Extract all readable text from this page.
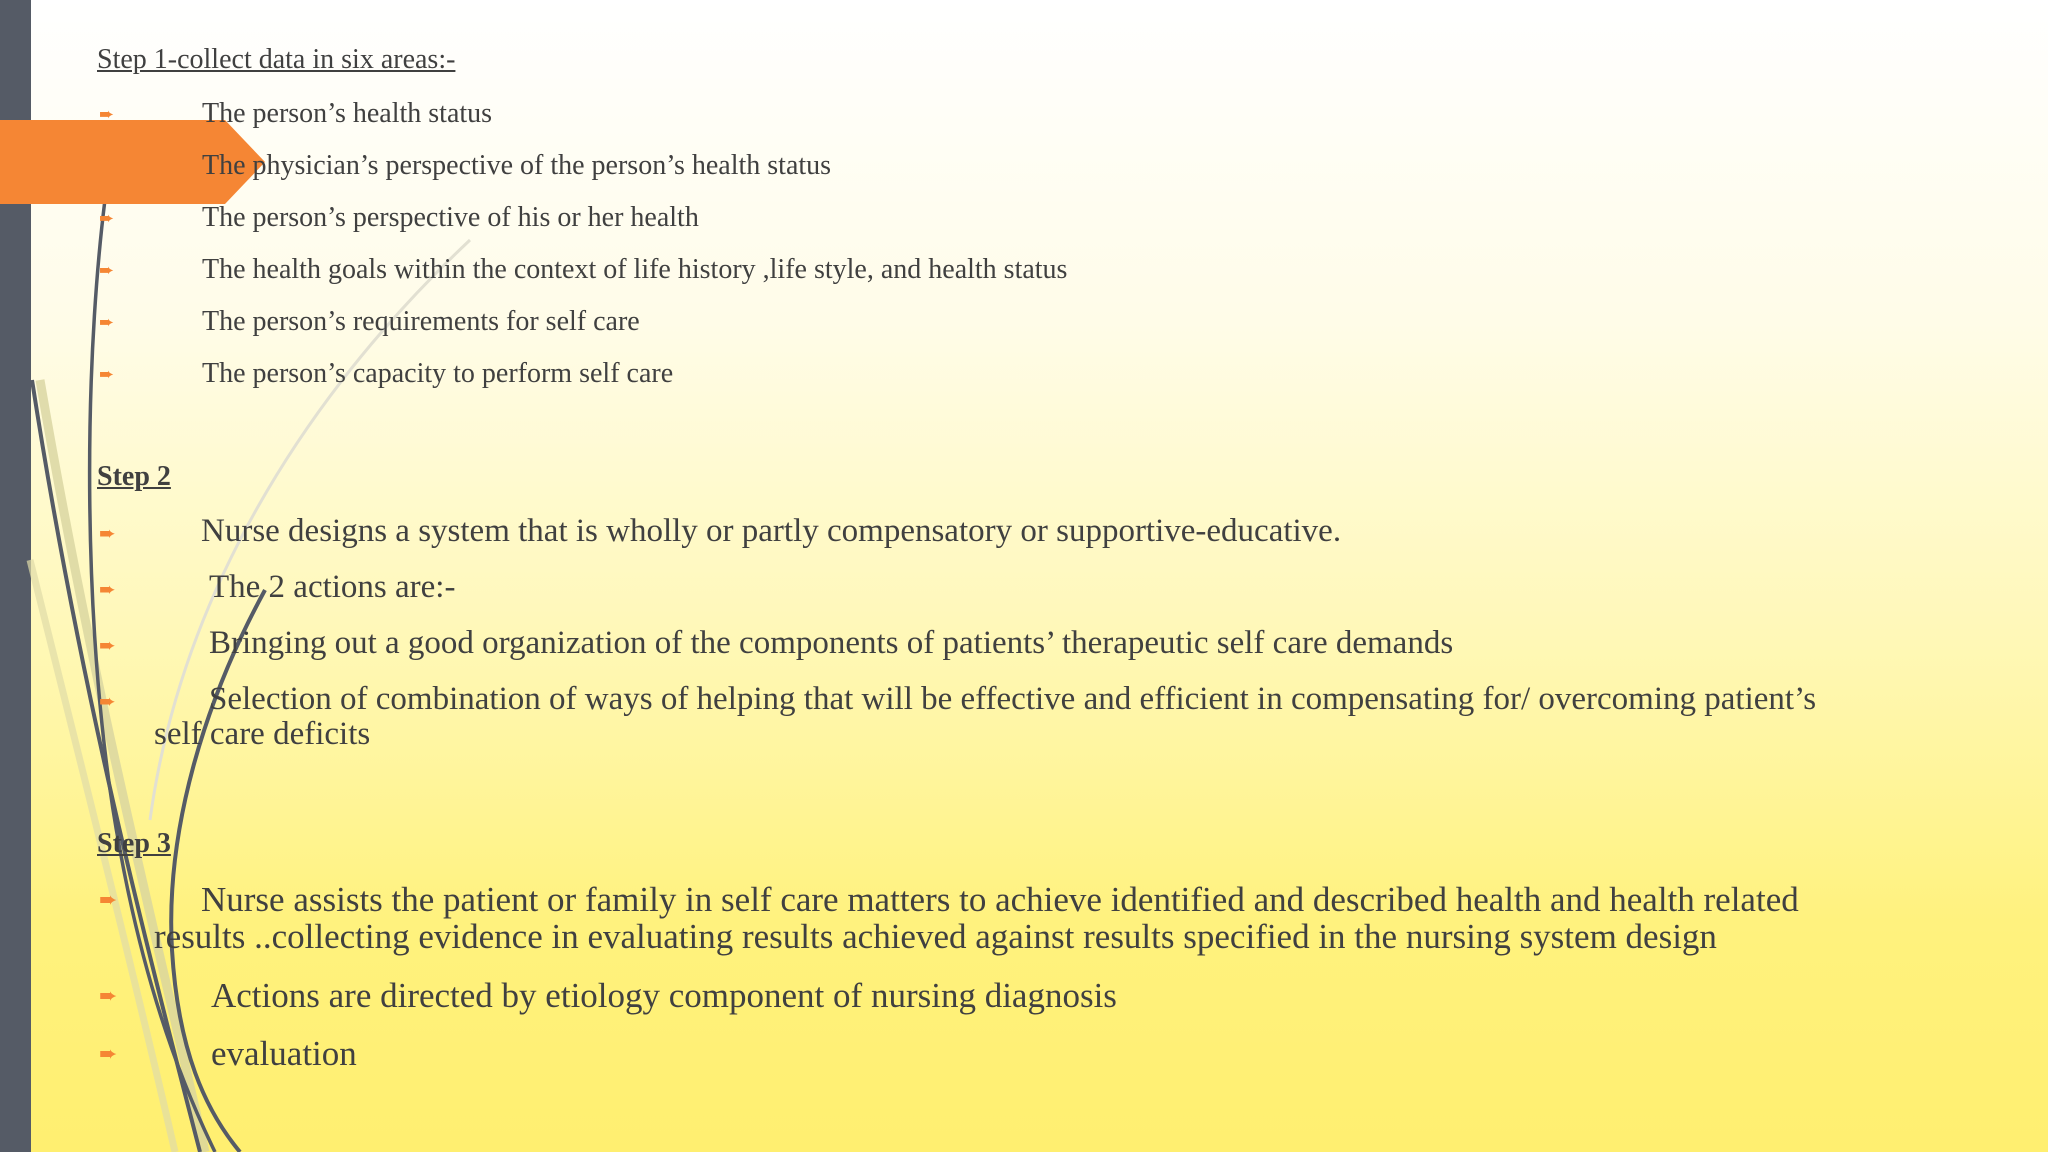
Step 1-collect data in six areas:-

➨	The person’s health status
➨	The physician’s perspective of the person’s health status
➨	The person’s perspective of his or her health
➨	The health goals within the context of life history ,life style, and health status
➨	The person’s requirements for self care
➨	The person’s capacity to perform self care

Step 2

➨	Nurse designs a system that is wholly or partly compensatory or supportive-educative.
➨	The 2 actions are:-
➨	Bringing out a good organization of the components of patients’ therapeutic self care demands
➨	Selection of combination of ways of helping that will be effective and efficient in compensating for/ overcoming patient’s
self care deficits

Step 3

➨ Nurse assists the patient or family in self care matters to achieve identified and described health and health related
results ..collecting evidence in evaluating results achieved against results specified in the nursing system design
➨	Actions are directed by etiology component of nursing diagnosis
➨	evaluation
